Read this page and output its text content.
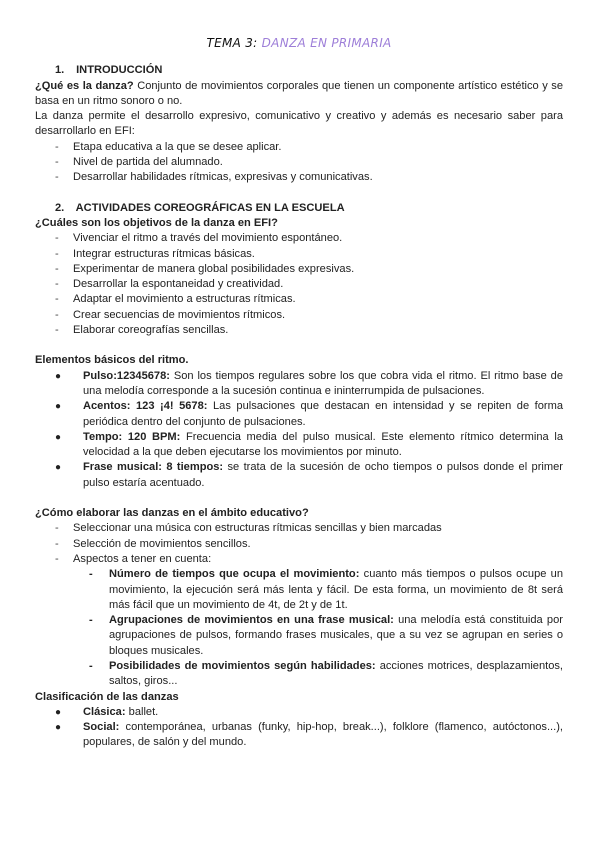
TEMA 3: DANZA EN PRIMARIA
1. INTRODUCCIÓN

¿Qué es la danza? Conjunto de movimientos corporales que tienen un componente artístico estético y se basa en un ritmo sonoro o no.

La danza permite el desarrollo expresivo, comunicativo y creativo y además es necesario saber para desarrollarlo en EFI:

- Etapa educativa a la que se desee aplicar.
- Nivel de partida del alumnado.
- Desarrollar habilidades rítmicas, expresivas y comunicativas.
2. ACTIVIDADES COREOGRÁFICAS EN LA ESCUELA

¿Cuáles son los objetivos de la danza en EFI?

- Vivenciar el ritmo a través del movimiento espontáneo.
- Integrar estructuras rítmicas básicas.
- Experimentar de manera global posibilidades expresivas.
- Desarrollar la espontaneidad y creatividad.
- Adaptar el movimiento a estructuras rítmicas.
- Crear secuencias de movimientos rítmicos.
- Elaborar coreografías sencillas.

Elementos básicos del ritmo.

● Pulso:12345678: Son los tiempos regulares sobre los que cobra vida el ritmo. El ritmo base de una melodía corresponde a la sucesión continua e ininterrumpida de pulsaciones.
● Acentos: 123 ¡4! 5678: Las pulsaciones que destacan en intensidad y se repiten de forma periódica dentro del conjunto de pulsaciones.
● Tempo: 120 BPM: Frecuencia media del pulso musical. Este elemento rítmico determina la velocidad a la que deben ejecutarse los movimientos por minuto.
● Frase musical: 8 tiempos: se trata de la sucesión de ocho tiempos o pulsos donde el primer pulso estaría acentuado.

¿Cómo elaborar las danzas en el ámbito educativo?

- Seleccionar una música con estructuras rítmicas sencillas y bien marcadas
- Selección de movimientos sencillos.
- Aspectos a tener en cuenta:
- Número de tiempos que ocupa el movimiento: cuanto más tiempos o pulsos ocupe un movimiento, la ejecución será más lenta y fácil. De esta forma, un movimiento de 8t será más fácil que un movimiento de 4t, de 2t y de 1t.
- Agrupaciones de movimientos en una frase musical: una melodía está constituida por agrupaciones de pulsos, formando frases musicales, que a su vez se agrupan en series o bloques musicales.
- Posibilidades de movimientos según habilidades: acciones motrices, desplazamientos, saltos, giros...

Clasificación de las danzas

● Clásica: ballet.
● Social: contemporánea, urbanas (funky, hip-hop, break...), folklore (flamenco, autóctonos...), populares, de salón y del mundo.
